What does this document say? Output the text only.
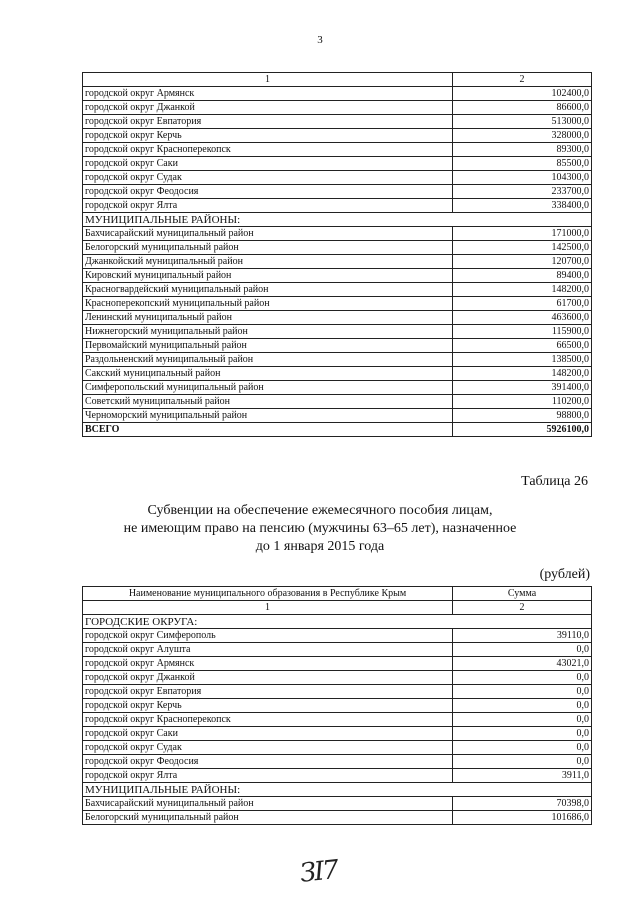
3
1	2
городской округ Армянск	102400,0
городской округ Джанкой	86600,0
городской округ Евпатория	513000,0
городской округ Керчь	328000,0
городской округ Красноперекопск	89300,0
городской округ Саки	85500,0
городской округ Судак	104300,0
городской округ Феодосия	233700,0
городской округ Ялта	338400,0
МУНИЦИПАЛЬНЫЕ РАЙОНЫ:	
Бахчисарайский муниципальный район	171000,0
Белогорский муниципальный район	142500,0
Джанкойский муниципальный район	120700,0
Кировский муниципальный район	89400,0
Красногвардейский муниципальный район	148200,0
Красноперекопский муниципальный район	61700,0
Ленинский муниципальный район	463600,0
Нижнегорский муниципальный район	115900,0
Первомайский муниципальный район	66500,0
Раздольненский муниципальный район	138500,0
Сакский муниципальный район	148200,0
Симферопольский муниципальный район	391400,0
Советский муниципальный район	110200,0
Черноморский муниципальный район	98800,0
ВСЕГО	5926100,0
Таблица 26
Субвенции на обеспечение ежемесячного пособия лицам,
не имеющим право на пенсию (мужчины 63–65 лет), назначенное
до 1 января 2015 года
(рублей)
Наименование муниципального образования в Республике Крым	Сумма
1	2
ГОРОДСКИЕ ОКРУГА:	
городской округ Симферополь	39110,0
городской округ Алушта	0,0
городской округ Армянск	43021,0
городской округ Джанкой	0,0
городской округ Евпатория	0,0
городской округ Керчь	0,0
городской округ Красноперекопск	0,0
городской округ Саки	0,0
городской округ Судак	0,0
городской округ Феодосия	0,0
городской округ Ялта	3911,0
МУНИЦИПАЛЬНЫЕ РАЙОНЫ:	
Бахчисарайский муниципальный район	70398,0
Белогорский муниципальный район	101686,0
ЗІ7
